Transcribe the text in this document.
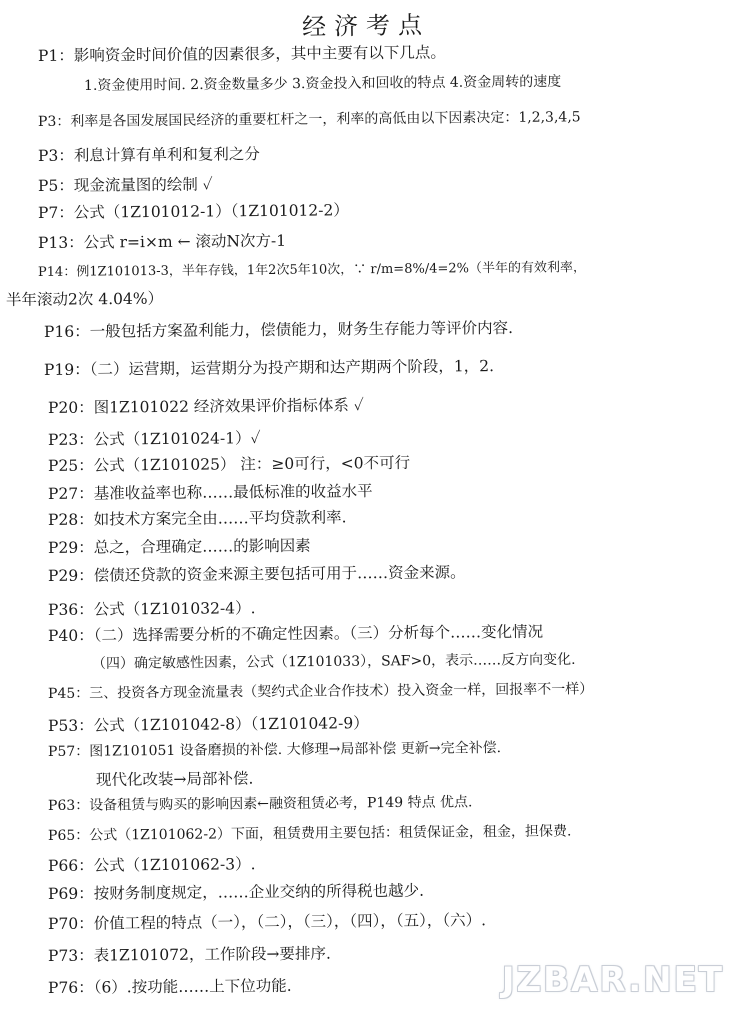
经济考点
P1：影响资金时间价值的因素很多，其中主要有以下几点。
1.资金使用时间. 2.资金数量多少 3.资金投入和回收的特点 4.资金周转的速度
P3：利率是各国发展国民经济的重要杠杆之一，利率的高低由以下因素决定：1,2,3,4,5
P3：利息计算有单利和复利之分
P5：现金流量图的绘制 ✓
P7：公式（1Z101012-1）（1Z101012-2）
P13：公式 r=i×m ← 滚动N次方-1
P14：例1Z101013-3，半年存钱，1年2次5年10次，∵ r/m=8%/4=2%（半年的有效利率，
半年滚动2次 4.04%）
P16：一般包括方案盈利能力，偿债能力，财务生存能力等评价内容.
P19：（二）运营期，运营期分为投产期和达产期两个阶段，1，2.
P20：图1Z101022 经济效果评价指标体系 ✓
P23：公式（1Z101024-1）✓
P25：公式（1Z101025） 注：≥0可行，<0不可行
P27：基准收益率也称……最低标准的收益水平
P28：如技术方案完全由……平均贷款利率.
P29：总之，合理确定……的影响因素
P29：偿债还贷款的资金来源主要包括可用于……资金来源。
P36：公式（1Z101032-4）.
P40：（二）选择需要分析的不确定性因素。（三）分析每个……变化情况
（四）确定敏感性因素，公式（1Z101033），SAF>0，表示……反方向变化.
P45：三、投资各方现金流量表（契约式企业合作技术）投入资金一样，回报率不一样）
P53：公式（1Z101042-8）（1Z101042-9）
P57：图1Z101051 设备磨损的补偿. 大修理→局部补偿 更新→完全补偿.
现代化改装→局部补偿.
P63：设备租赁与购买的影响因素←融资租赁必考，P149 特点 优点.
P65：公式（1Z101062-2）下面，租赁费用主要包括：租赁保证金，租金，担保费.
P66：公式（1Z101062-3）.
P69：按财务制度规定，……企业交纳的所得税也越少.
P70：价值工程的特点（一），（二），（三），（四），（五），（六）.
P73：表1Z101072，工作阶段→要排序.
P76：（6）.按功能……上下位功能.	JZBAR.NET
